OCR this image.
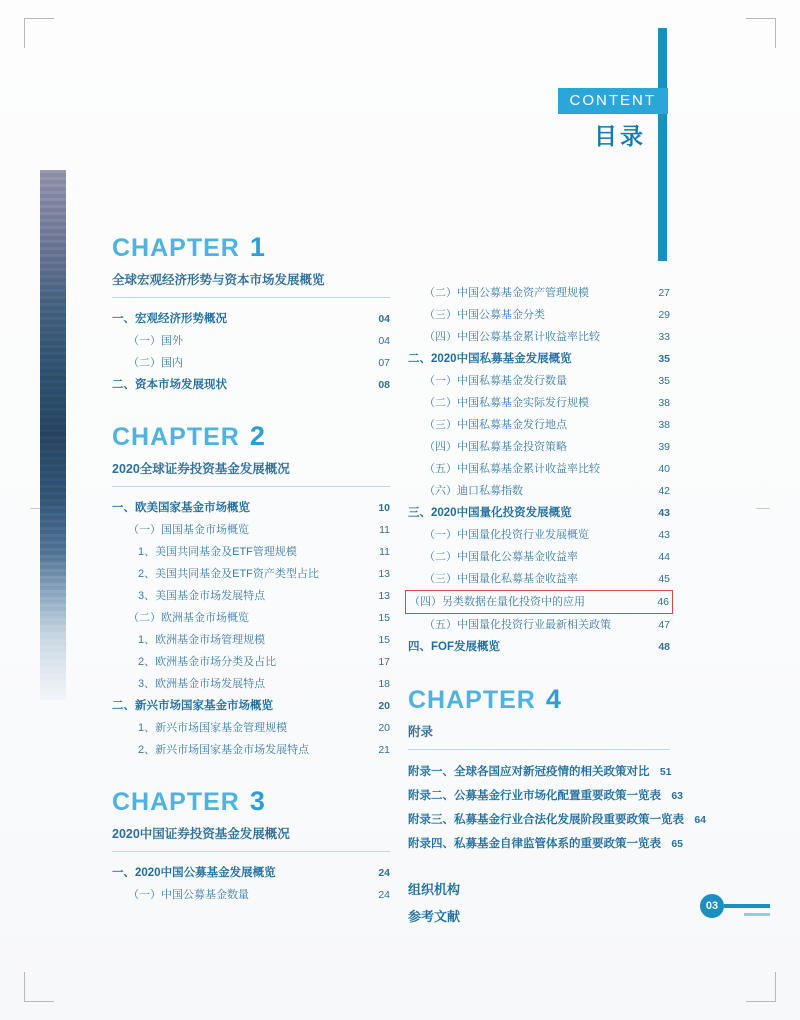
CONTENT
目录
CHAPTER 1
全球宏观经济形势与资本市场发展概览
一、宏观经济形势概况	04
（一）国外	04
（二）国内	07
二、资本市场发展现状	08
CHAPTER 2
2020全球证券投资基金发展概况
一、欧美国家基金市场概览	10
（一）国国基金市场概览	11
1、美国共同基金及ETF管理规模	11
2、美国共同基金及ETF资产类型占比	13
3、美国基金市场发展特点	13
（二）欧洲基金市场概览	15
1、欧洲基金市场管理规模	15
2、欧洲基金市场分类及占比	17
3、欧洲基金市场发展特点	18
二、新兴市场国家基金市场概览	20
1、新兴市场国家基金管理规模	20
2、新兴市场国家基金市场发展特点	21
CHAPTER 3
2020中国证券投资基金发展概况
一、2020中国公募基金发展概览	24
（一）中国公募基金数量	24
（二）中国公募基金资产管理规模	27
（三）中国公募基金分类	29
（四）中国公募基金累计收益率比较	33
二、2020中国私募基金发展概览	35
（一）中国私募基金发行数量	35
（二）中国私募基金实际发行规模	38
（三）中国私募基金发行地点	38
（四）中国私募基金投资策略	39
（五）中国私募基金累计收益率比较	40
（六）迪口私募指数	42
三、2020中国量化投资发展概览	43
（一）中国量化投资行业发展概览	43
（二）中国量化公募基金收益率	44
（三）中国量化私募基金收益率	45
（四）另类数据在量化投资中的应用	46
（五）中国量化投资行业最新相关政策	47
四、FOF发展概览	48
CHAPTER 4
附录
附录一、全球各国应对新冠疫情的相关政策对比 51
附录二、公募基金行业市场化配置重要政策一览表 63
附录三、私募基金行业合法化发展阶段重要政策一览表 64
附录四、私募基金自律监管体系的重要政策一览表 65
组织机构
参考文献
03
